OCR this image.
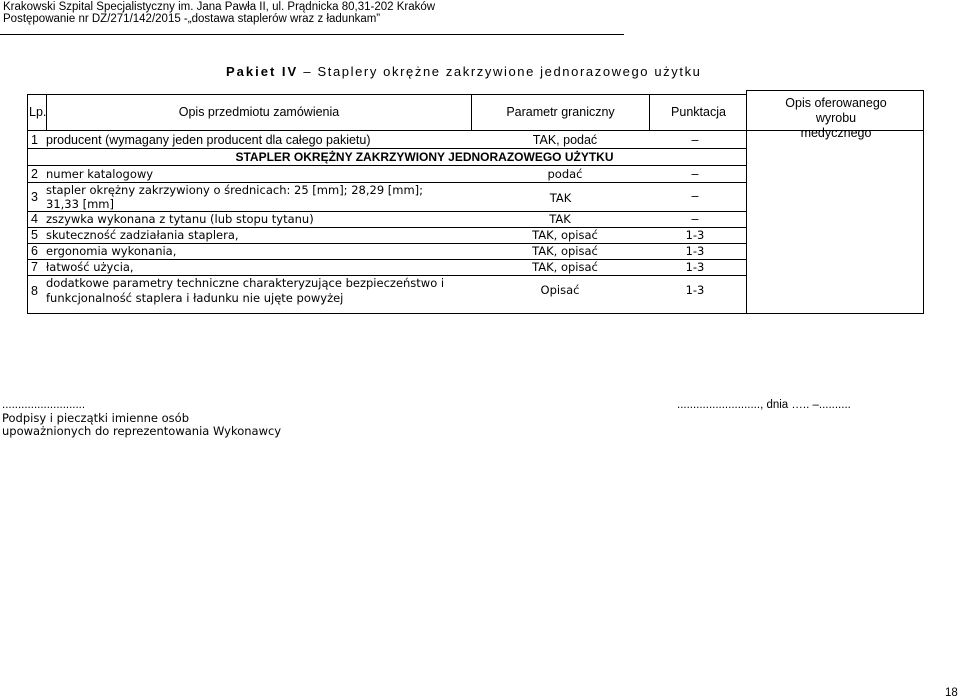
Krakowski Szpital Specjalistyczny im. Jana Pawła II, ul. Prądnicka 80,31-202 Kraków
Postępowanie nr DZ/271/142/2015 -„dostawa staplerów wraz z ładunkam”
Pakiet IV – Staplery okrężne zakrzywione jednorazowego użytku
Lp.	Opis przedmiotu zamówienia	Parametr graniczny	Punktacja
Opis oferowanego wyrobu medycznego
1 producent (wymagany jeden producent dla całego pakietu)	TAK, podać	–
STAPLER OKRĘŻNY ZAKRZYWIONY JEDNORAZOWEGO UŻYTKU
2 numer katalogowy	podać	–
3 stapler okrężny zakrzywiony o średnicach: 25 [mm]; 28,29 [mm];
31,33 [mm]	TAK	–
4 zszywka wykonana z tytanu (lub stopu tytanu)	TAK	–
5 skuteczność zadziałania staplera,	TAK, opisać	1-3
6 ergonomia wykonania,	TAK, opisać	1-3
7 łatwość użycia,	TAK, opisać	1-3
8
dodatkowe parametry techniczne charakteryzujące bezpieczeństwo i
funkcjonalność staplera i ładunku nie ujęte powyżej
Opisać	1-3
..........................
Podpisy i pieczątki imienne osób
upoważnionych do reprezentowania Wykonawcy
.........................., dnia ….. –..........
18
